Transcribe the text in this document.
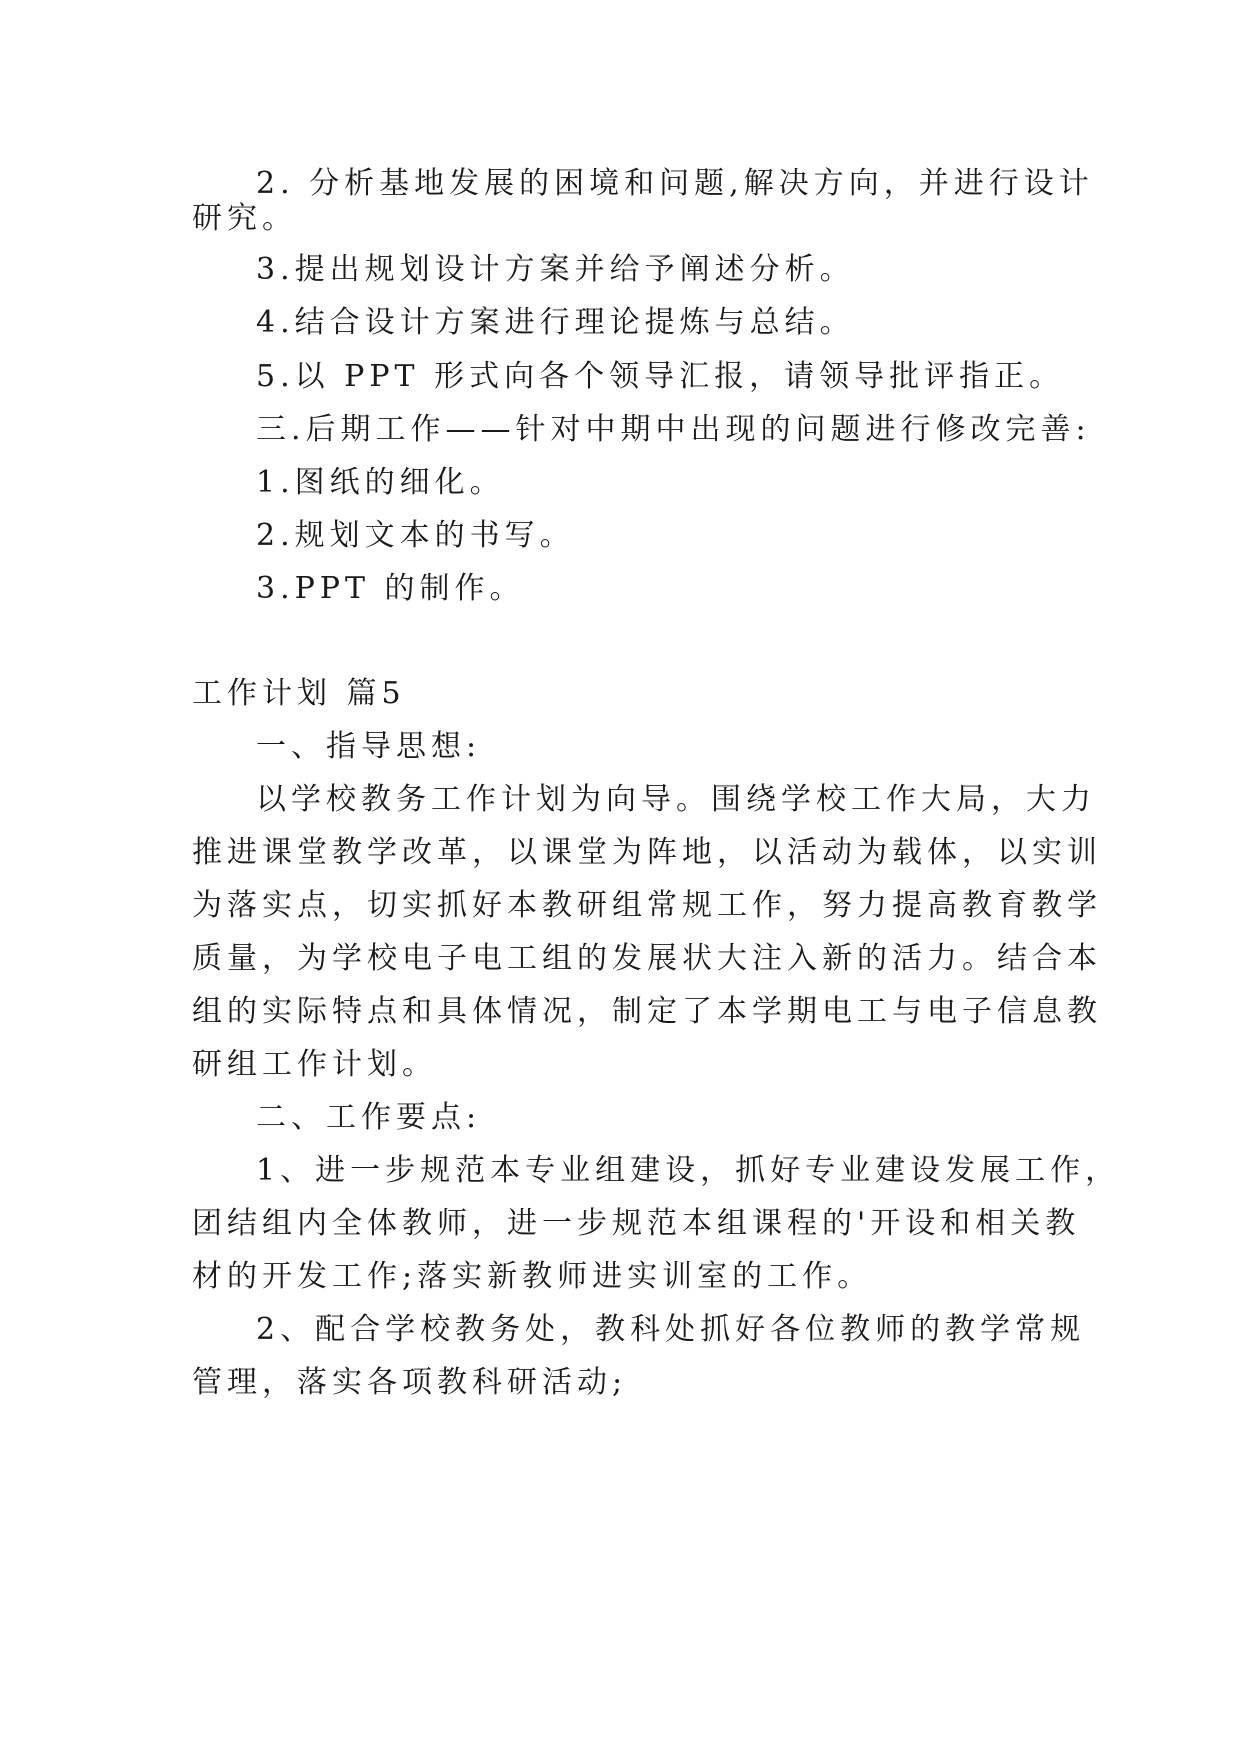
2. 分析基地发展的困境和问题,解决方向，并进行设计

研究。

3.提出规划设计方案并给予阐述分析。

4.结合设计方案进行理论提炼与总结。

5.以 PPT 形式向各个领导汇报，请领导批评指正。

三.后期工作——针对中期中出现的问题进行修改完善:

1.图纸的细化。

2.规划文本的书写。

3.PPT 的制作。

工作计划 篇5

一、指导思想:

以学校教务工作计划为向导。围绕学校工作大局，大力

推进课堂教学改革，以课堂为阵地，以活动为载体，以实训

为落实点，切实抓好本教研组常规工作，努力提高教育教学

质量，为学校电子电工组的发展状大注入新的活力。结合本

组的实际特点和具体情况，制定了本学期电工与电子信息教

研组工作计划。

二、工作要点:

1、进一步规范本专业组建设，抓好专业建设发展工作，

团结组内全体教师，进一步规范本组课程的'开设和相关教

材的开发工作;落实新教师进实训室的工作。

2、配合学校教务处，教科处抓好各位教师的教学常规

管理，落实各项教科研活动;
